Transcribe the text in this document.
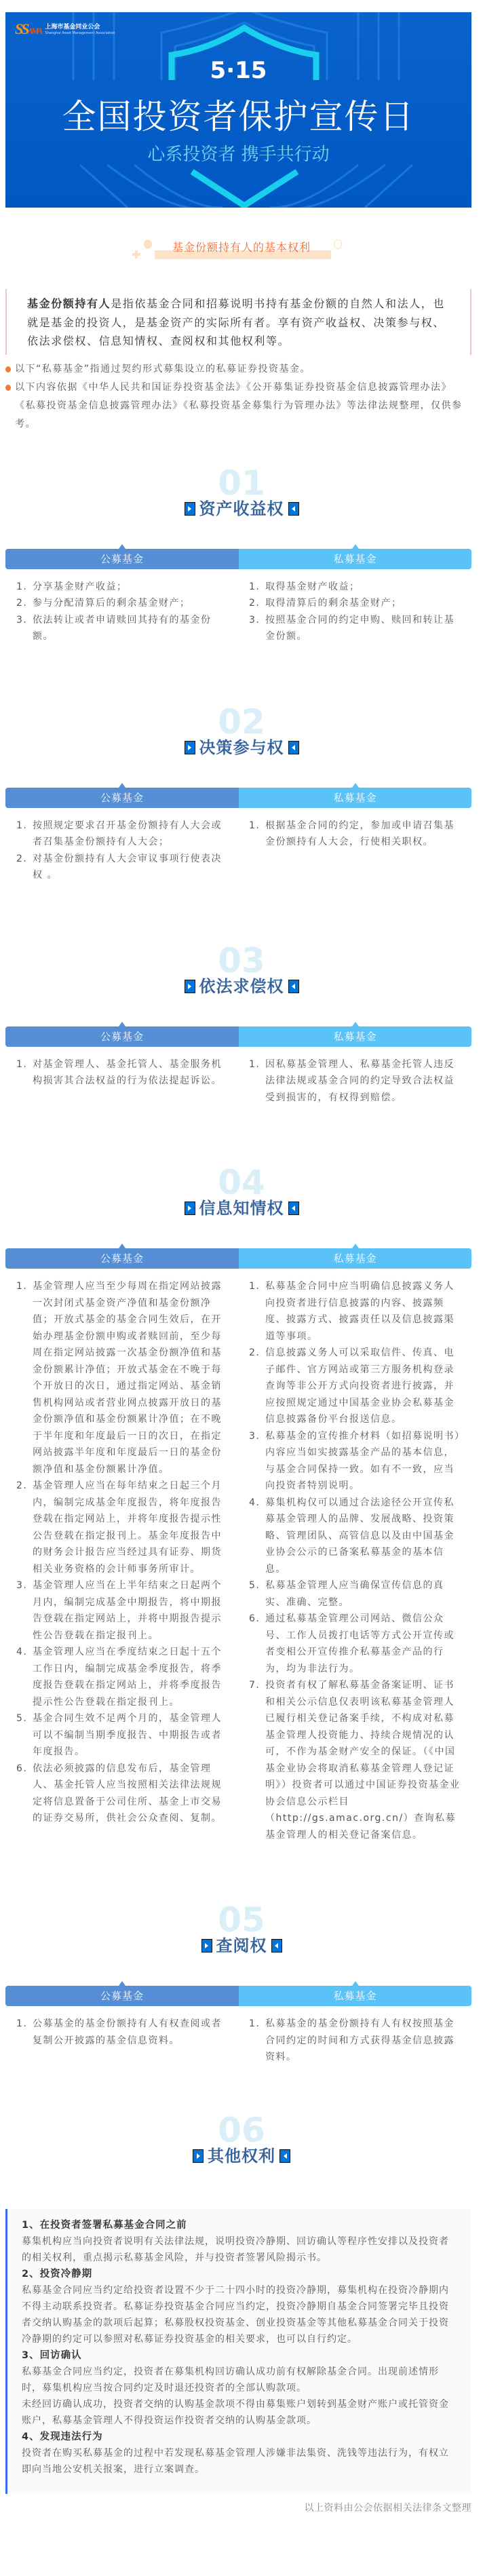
SSAMA 上海市基金同业公会
Shanghai Asset Management Association
5·15
全国投资者保护宣传日
心系投资者 携手共行动
基金份额持有人的基本权利
基金份额持有人是指依基金合同和招募说明书持有基金份额的自然人和法人，也就是基金的投资人，是基金资产的实际所有者。享有资产收益权、决策参与权、依法求偿权、信息知情权、查阅权和其他权利等。
以下“私募基金”指通过契约形式募集设立的私募证券投资基金。
以下内容依据《中华人民共和国证券投资基金法》《公开募集证券投资基金信息披露管理办法》《私募投资基金信息披露管理办法》《私募投资基金募集行为管理办法》等法律法规整理，仅供参考。
01
资产收益权
公募基金	私募基金
1. 分享基金财产收益；
2. 参与分配清算后的剩余基金财产；
3. 依法转让或者申请赎回其持有的基金份额。
1. 取得基金财产收益；
2. 取得清算后的剩余基金财产；
3. 按照基金合同的约定申购、赎回和转让基金份额。
02
决策参与权
公募基金	私募基金
1. 按照规定要求召开基金份额持有人大会或者召集基金份额持有人大会；
2. 对基金份额持有人大会审议事项行使表决权 。
1. 根据基金合同的约定，参加或申请召集基金份额持有人大会，行使相关职权。
03
依法求偿权
公募基金	私募基金
1. 对基金管理人、基金托管人、基金服务机构损害其合法权益的行为依法提起诉讼。
1. 因私募基金管理人、私募基金托管人违反法律法规或基金合同的约定导致合法权益受到损害的，有权得到赔偿。
04
信息知情权
公募基金	私募基金
1. 基金管理人应当至少每周在指定网站披露一次封闭式基金资产净值和基金份额净值；开放式基金的基金合同生效后，在开始办理基金份额申购或者赎回前，至少每周在指定网站披露一次基金份额净值和基金份额累计净值；开放式基金在不晚于每个开放日的次日，通过指定网站、基金销售机构网站或者营业网点披露开放日的基金份额净值和基金份额累计净值；在不晚于半年度和年度最后一日的次日，在指定网站披露半年度和年度最后一日的基金份额净值和基金份额累计净值。
2. 基金管理人应当在每年结束之日起三个月内，编制完成基金年度报告，将年度报告登载在指定网站上，并将年度报告提示性公告登载在指定报刊上。基金年度报告中的财务会计报告应当经过具有证券、期货相关业务资格的会计师事务所审计。
3. 基金管理人应当在上半年结束之日起两个月内，编制完成基金中期报告，将中期报告登载在指定网站上，并将中期报告提示性公告登载在指定报刊上。
4. 基金管理人应当在季度结束之日起十五个工作日内，编制完成基金季度报告，将季度报告登载在指定网站上，并将季度报告提示性公告登载在指定报刊上。
5. 基金合同生效不足两个月的，基金管理人可以不编制当期季度报告、中期报告或者年度报告。
6. 依法必须披露的信息发布后，基金管理人、基金托管人应当按照相关法律法规规定将信息置备于公司住所、基金上市交易的证券交易所，供社会公众查阅、复制。
1. 私募基金合同中应当明确信息披露义务人向投资者进行信息披露的内容、披露频度、披露方式、披露责任以及信息披露渠道等事项。
2. 信息披露义务人可以采取信件、传真、电子邮件、官方网站或第三方服务机构登录查询等非公开方式向投资者进行披露，并应按照规定通过中国基金业协会私募基金信息披露备份平台报送信息。
3. 私募基金的宣传推介材料（如招募说明书）内容应当如实披露基金产品的基本信息，与基金合同保持一致。如有不一致，应当向投资者特别说明。
4. 募集机构仅可以通过合法途径公开宣传私募基金管理人的品牌、发展战略、投资策略、管理团队、高管信息以及由中国基金业协会公示的已备案私募基金的基本信息。
5. 私募基金管理人应当确保宣传信息的真实、准确、完整。
6. 通过私募基金管理公司网站、微信公众号、工作人员拨打电话等方式公开宣传或者变相公开宣传推介私募基金产品的行为，均为非法行为。
7. 投资者有权了解私募基金备案证明、证书和相关公示信息仅表明该私募基金管理人已履行相关登记备案手续，不构成对私募基金管理人投资能力、持续合规情况的认可，不作为基金财产安全的保证。（《中国基金业协会将取消私募基金管理人登记证明》）投资者可以通过中国证券投资基金业协会信息公示栏目（http://gs.amac.org.cn/）查询私募基金管理人的相关登记备案信息。
05
查阅权
公募基金	私募基金
1. 公募基金的基金份额持有人有权查阅或者复制公开披露的基金信息资料。
1. 私募基金的基金份额持有人有权按照基金合同约定的时间和方式获得基金信息披露资料。
06
其他权利
1、在投资者签署私募基金合同之前

募集机构应当向投资者说明有关法律法规，说明投资冷静期、回访确认等程序性安排以及投资者的相关权利，重点揭示私募基金风险，并与投资者签署风险揭示书。

2、投资冷静期

私募基金合同应当约定给投资者设置不少于二十四小时的投资冷静期，募集机构在投资冷静期内不得主动联系投资者。私募证券投资基金合同应当约定，投资冷静期自基金合同签署完毕且投资者交纳认购基金的款项后起算；私募股权投资基金、创业投资基金等其他私募基金合同关于投资冷静期的约定可以参照对私募证券投资基金的相关要求，也可以自行约定。

3、回访确认

私募基金合同应当约定，投资者在募集机构回访确认成功前有权解除基金合同。出现前述情形时，募集机构应当按合同约定及时退还投资者的全部认购款项。

未经回访确认成功，投资者交纳的认购基金款项不得由募集账户划转到基金财产账户或托管资金账户，私募基金管理人不得投资运作投资者交纳的认购基金款项。

4、发现违法行为

投资者在购买私募基金的过程中若发现私募基金管理人涉嫌非法集资、洗钱等违法行为，有权立即向当地公安机关报案，进行立案调查。

以上资料由公会依据相关法律条文整理
